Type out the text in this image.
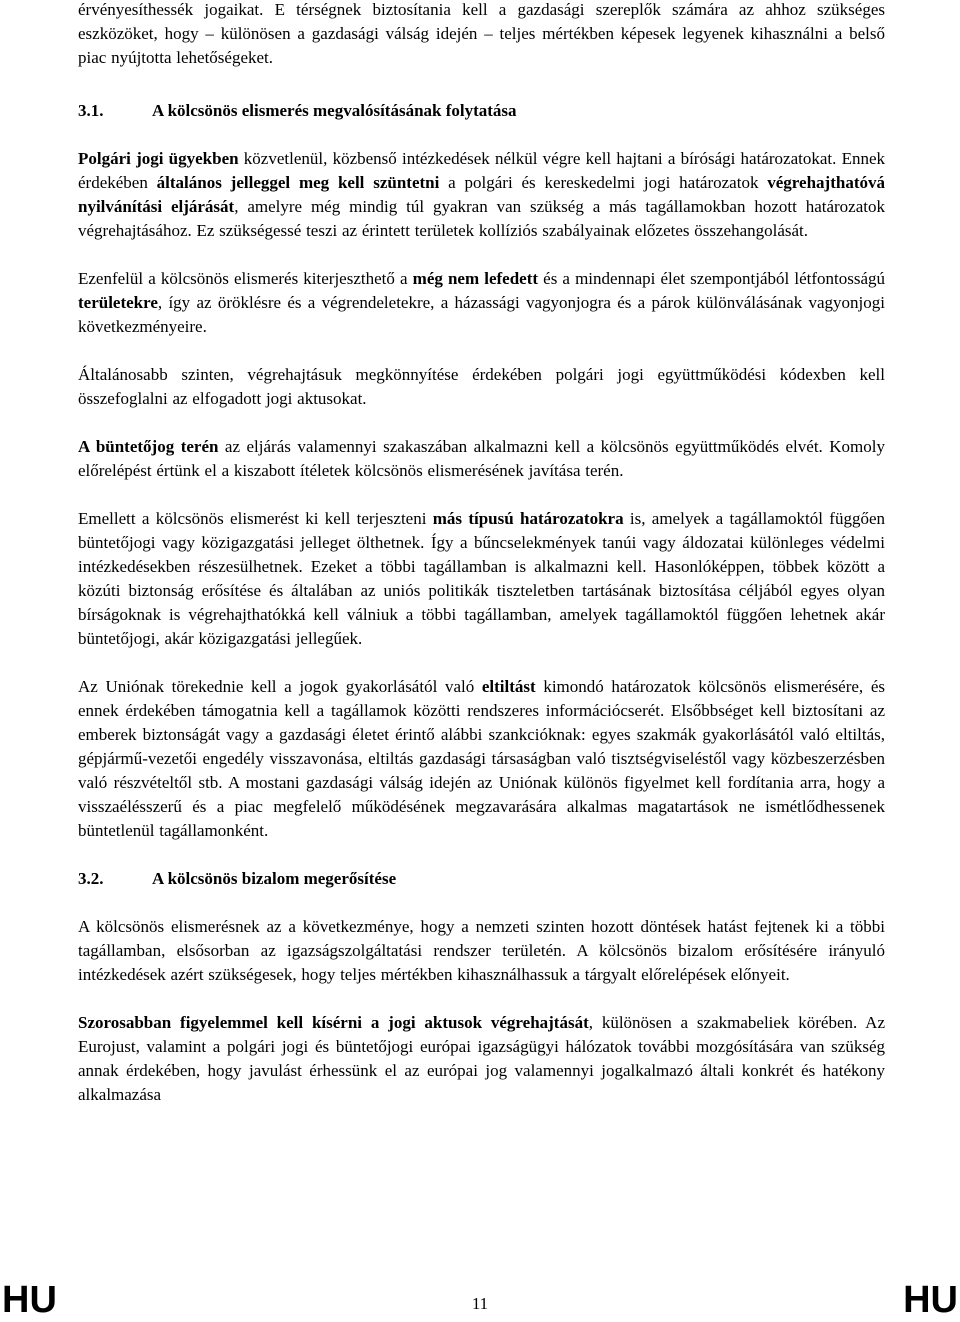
érvényesíthessék jogaikat. E térségnek biztosítania kell a gazdasági szereplők számára az ahhoz szükséges eszközöket, hogy – különösen a gazdasági válság idején – teljes mértékben képesek legyenek kihasználni a belső piac nyújtotta lehetőségeket.

3.1.	A kölcsönös elismerés megvalósításának folytatása

Polgári jogi ügyekben közvetlenül, közbenső intézkedések nélkül végre kell hajtani a bírósági határozatokat. Ennek érdekében általános jelleggel meg kell szüntetni a polgári és kereskedelmi jogi határozatok végrehajthatóvá nyilvánítási eljárását, amelyre még mindig túl gyakran van szükség a más tagállamokban hozott határozatok végrehajtásához. Ez szükségessé teszi az érintett területek kollíziós szabályainak előzetes összehangolását.

Ezenfelül a kölcsönös elismerés kiterjeszthető a még nem lefedett és a mindennapi élet szempontjából létfontosságú területekre, így az öröklésre és a végrendeletekre, a házassági vagyonjogra és a párok különválásának vagyonjogi következményeire.

Általánosabb szinten, végrehajtásuk megkönnyítése érdekében polgári jogi együttműködési kódexben kell összefoglalni az elfogadott jogi aktusokat.

A büntetőjog terén az eljárás valamennyi szakaszában alkalmazni kell a kölcsönös együttműködés elvét. Komoly előrelépést értünk el a kiszabott ítéletek kölcsönös elismerésének javítása terén.

Emellett a kölcsönös elismerést ki kell terjeszteni más típusú határozatokra is, amelyek a tagállamoktól függően büntetőjogi vagy közigazgatási jelleget ölthetnek. Így a bűncselekmények tanúi vagy áldozatai különleges védelmi intézkedésekben részesülhetnek. Ezeket a többi tagállamban is alkalmazni kell. Hasonlóképpen, többek között a közúti biztonság erősítése és általában az uniós politikák tiszteletben tartásának biztosítása céljából egyes olyan bírságoknak is végrehajthatókká kell válniuk a többi tagállamban, amelyek tagállamoktól függően lehetnek akár büntetőjogi, akár közigazgatási jellegűek.

Az Uniónak törekednie kell a jogok gyakorlásától való eltiltást kimondó határozatok kölcsönös elismerésére, és ennek érdekében támogatnia kell a tagállamok közötti rendszeres információcserét. Elsőbbséget kell biztosítani az emberek biztonságát vagy a gazdasági életet érintő alábbi szankcióknak: egyes szakmák gyakorlásától való eltiltás, gépjármű-vezetői engedély visszavonása, eltiltás gazdasági társaságban való tisztségviseléstől vagy közbeszerzésben való részvételtől stb. A mostani gazdasági válság idején az Uniónak különös figyelmet kell fordítania arra, hogy a visszaélésszerű és a piac megfelelő működésének megzavarására alkalmas magatartások ne ismétlődhessenek büntetlenül tagállamonként.

3.2.	A kölcsönös bizalom megerősítése

A kölcsönös elismerésnek az a következménye, hogy a nemzeti szinten hozott döntések hatást fejtenek ki a többi tagállamban, elsősorban az igazságszolgáltatási rendszer területén. A kölcsönös bizalom erősítésére irányuló intézkedések azért szükségesek, hogy teljes mértékben kihasználhassuk a tárgyalt előrelépések előnyeit.

Szorosabban figyelemmel kell kísérni a jogi aktusok végrehajtását, különösen a szakmabeliek körében. Az Eurojust, valamint a polgári jogi és büntetőjogi európai igazságügyi hálózatok további mozgósítására van szükség annak érdekében, hogy javulást érhessünk el az európai jog valamennyi jogalkalmazó általi konkrét és hatékony alkalmazása

HU	11	HU
